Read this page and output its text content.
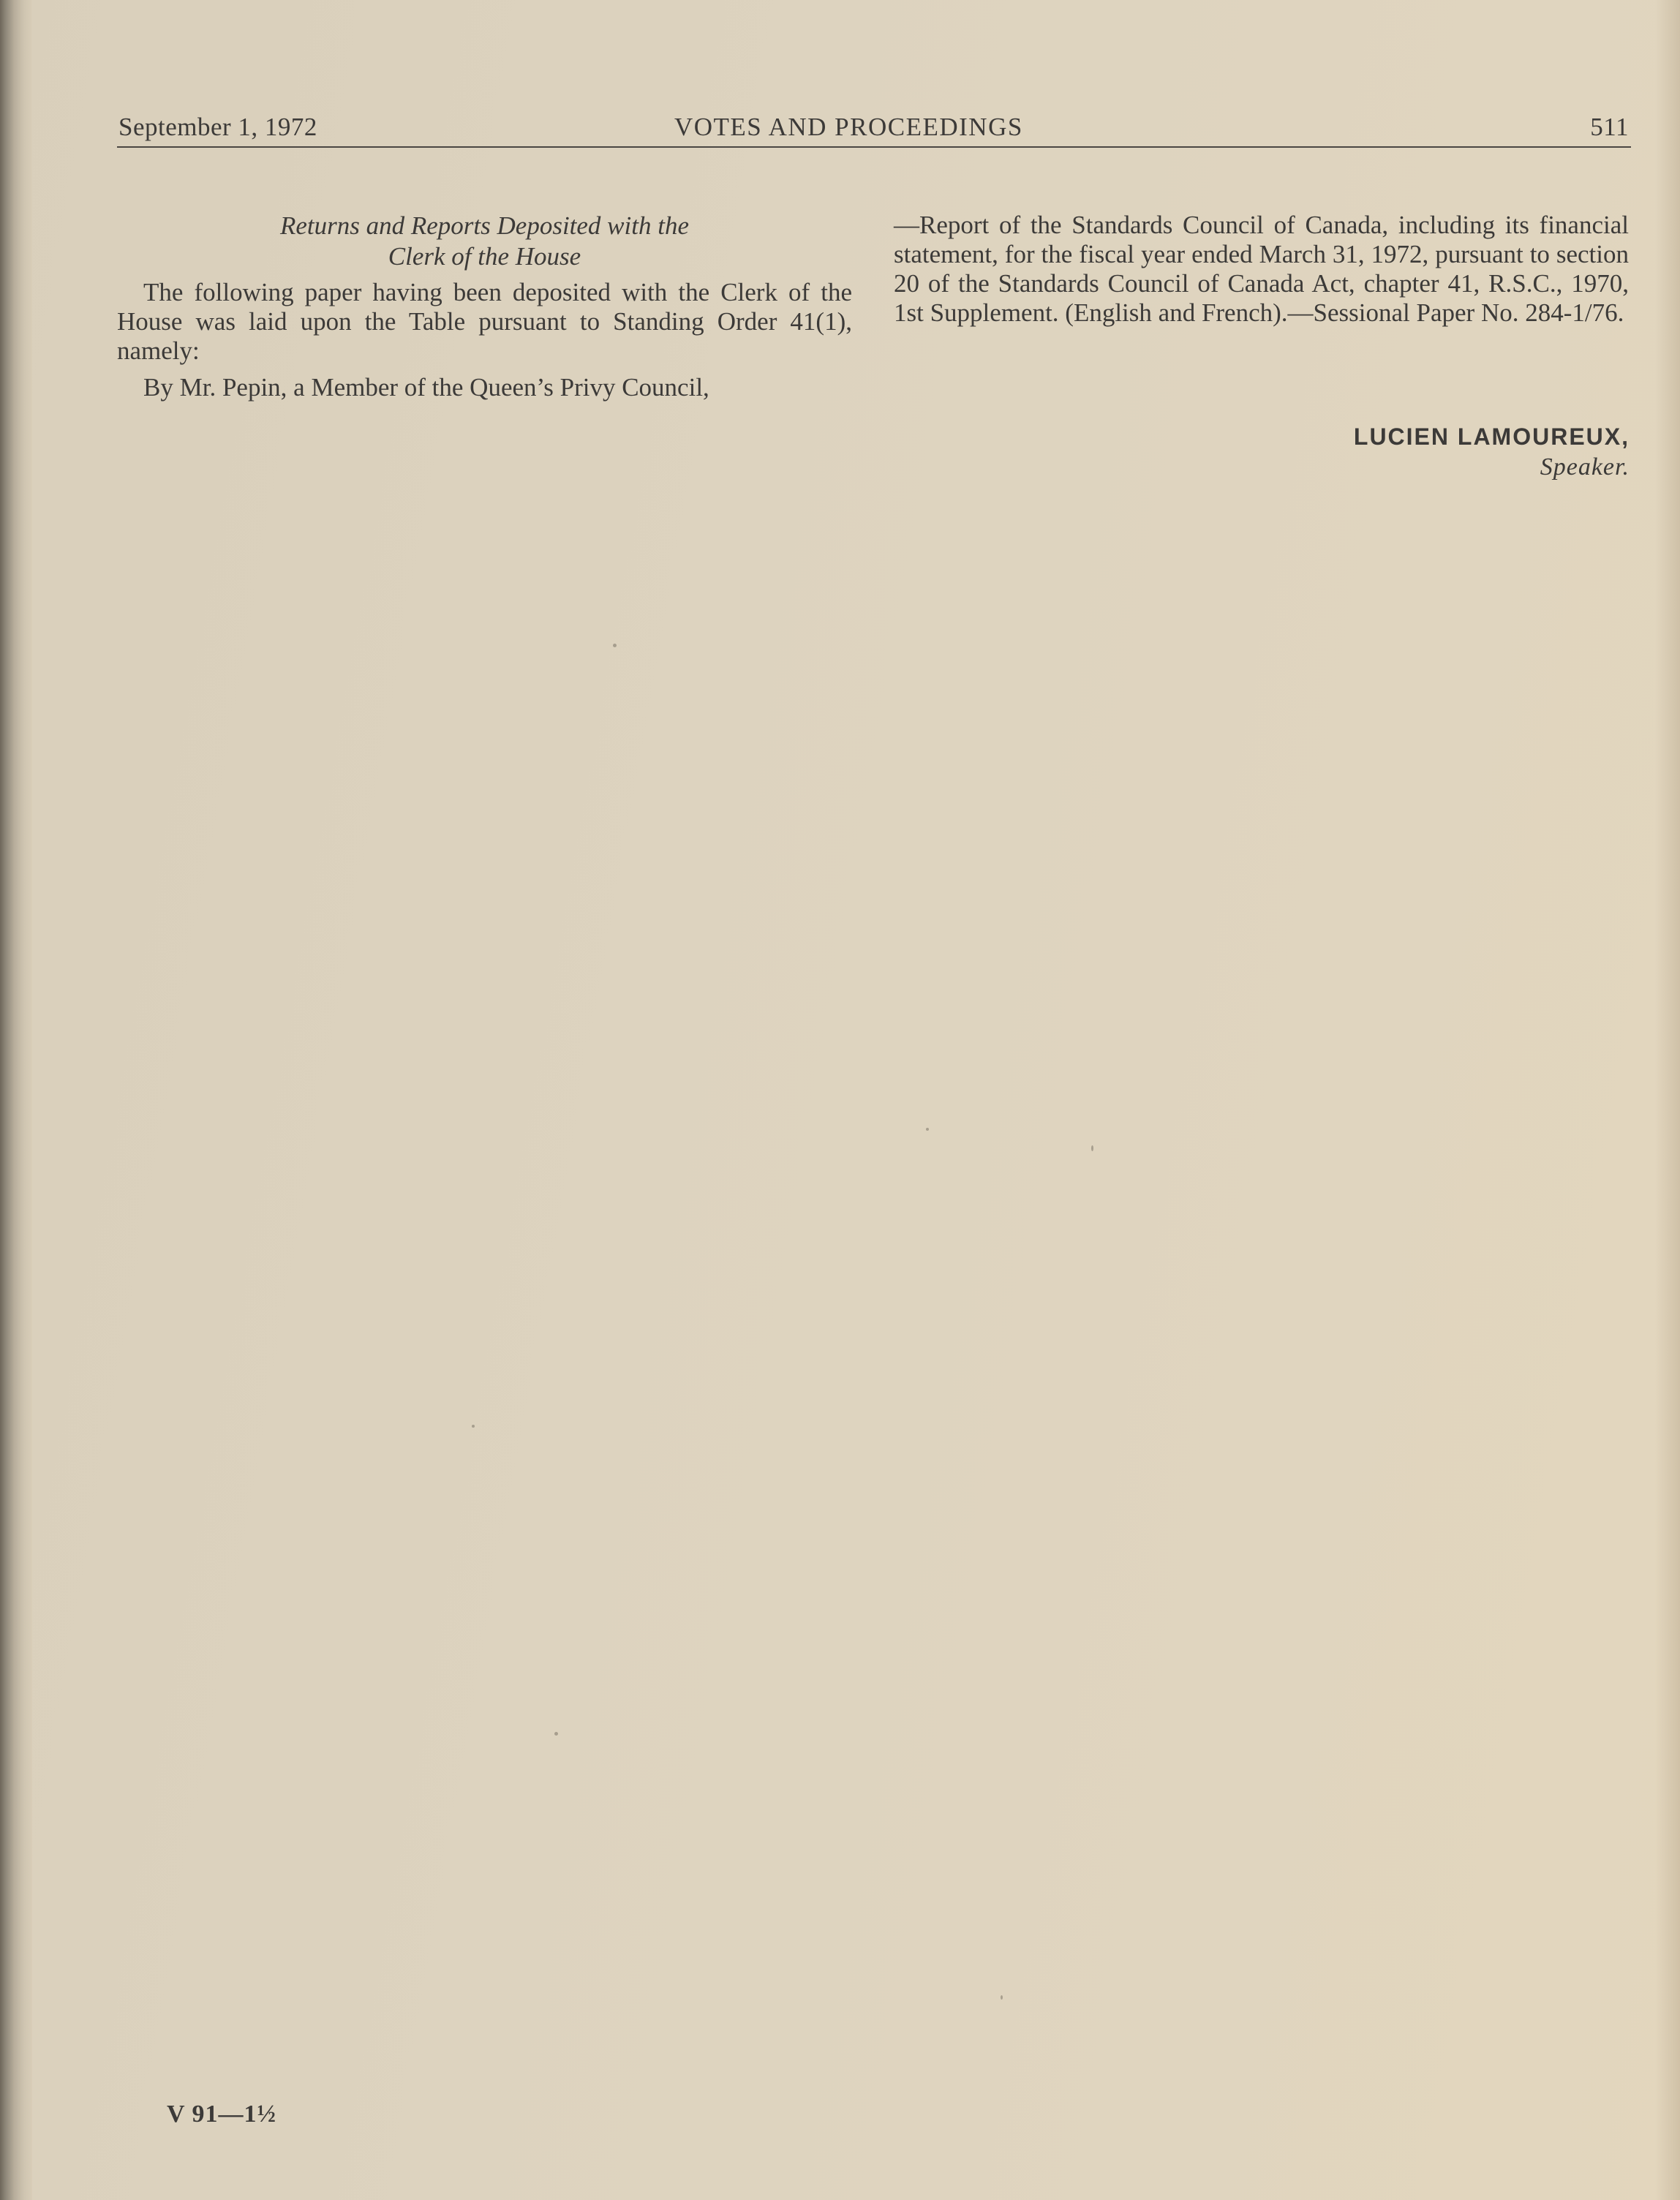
September 1, 1972	VOTES AND PROCEEDINGS	511

Returns and Reports Deposited with the
Clerk of the House

The following paper having been deposited with the Clerk of the House was laid upon the Table pursuant to Standing Order 41(1), namely:

By Mr. Pepin, a Member of the Queen’s Privy Council,

—Report of the Standards Council of Canada, including its financial statement, for the fiscal year ended March 31, 1972, pursuant to section 20 of the Standards Council of Canada Act, chapter 41, R.S.C., 1970, 1st Supplement. (English and French).—Sessional Paper No. 284-1/76.

LUCIEN LAMOUREUX,
Speaker.
V 91—1½
